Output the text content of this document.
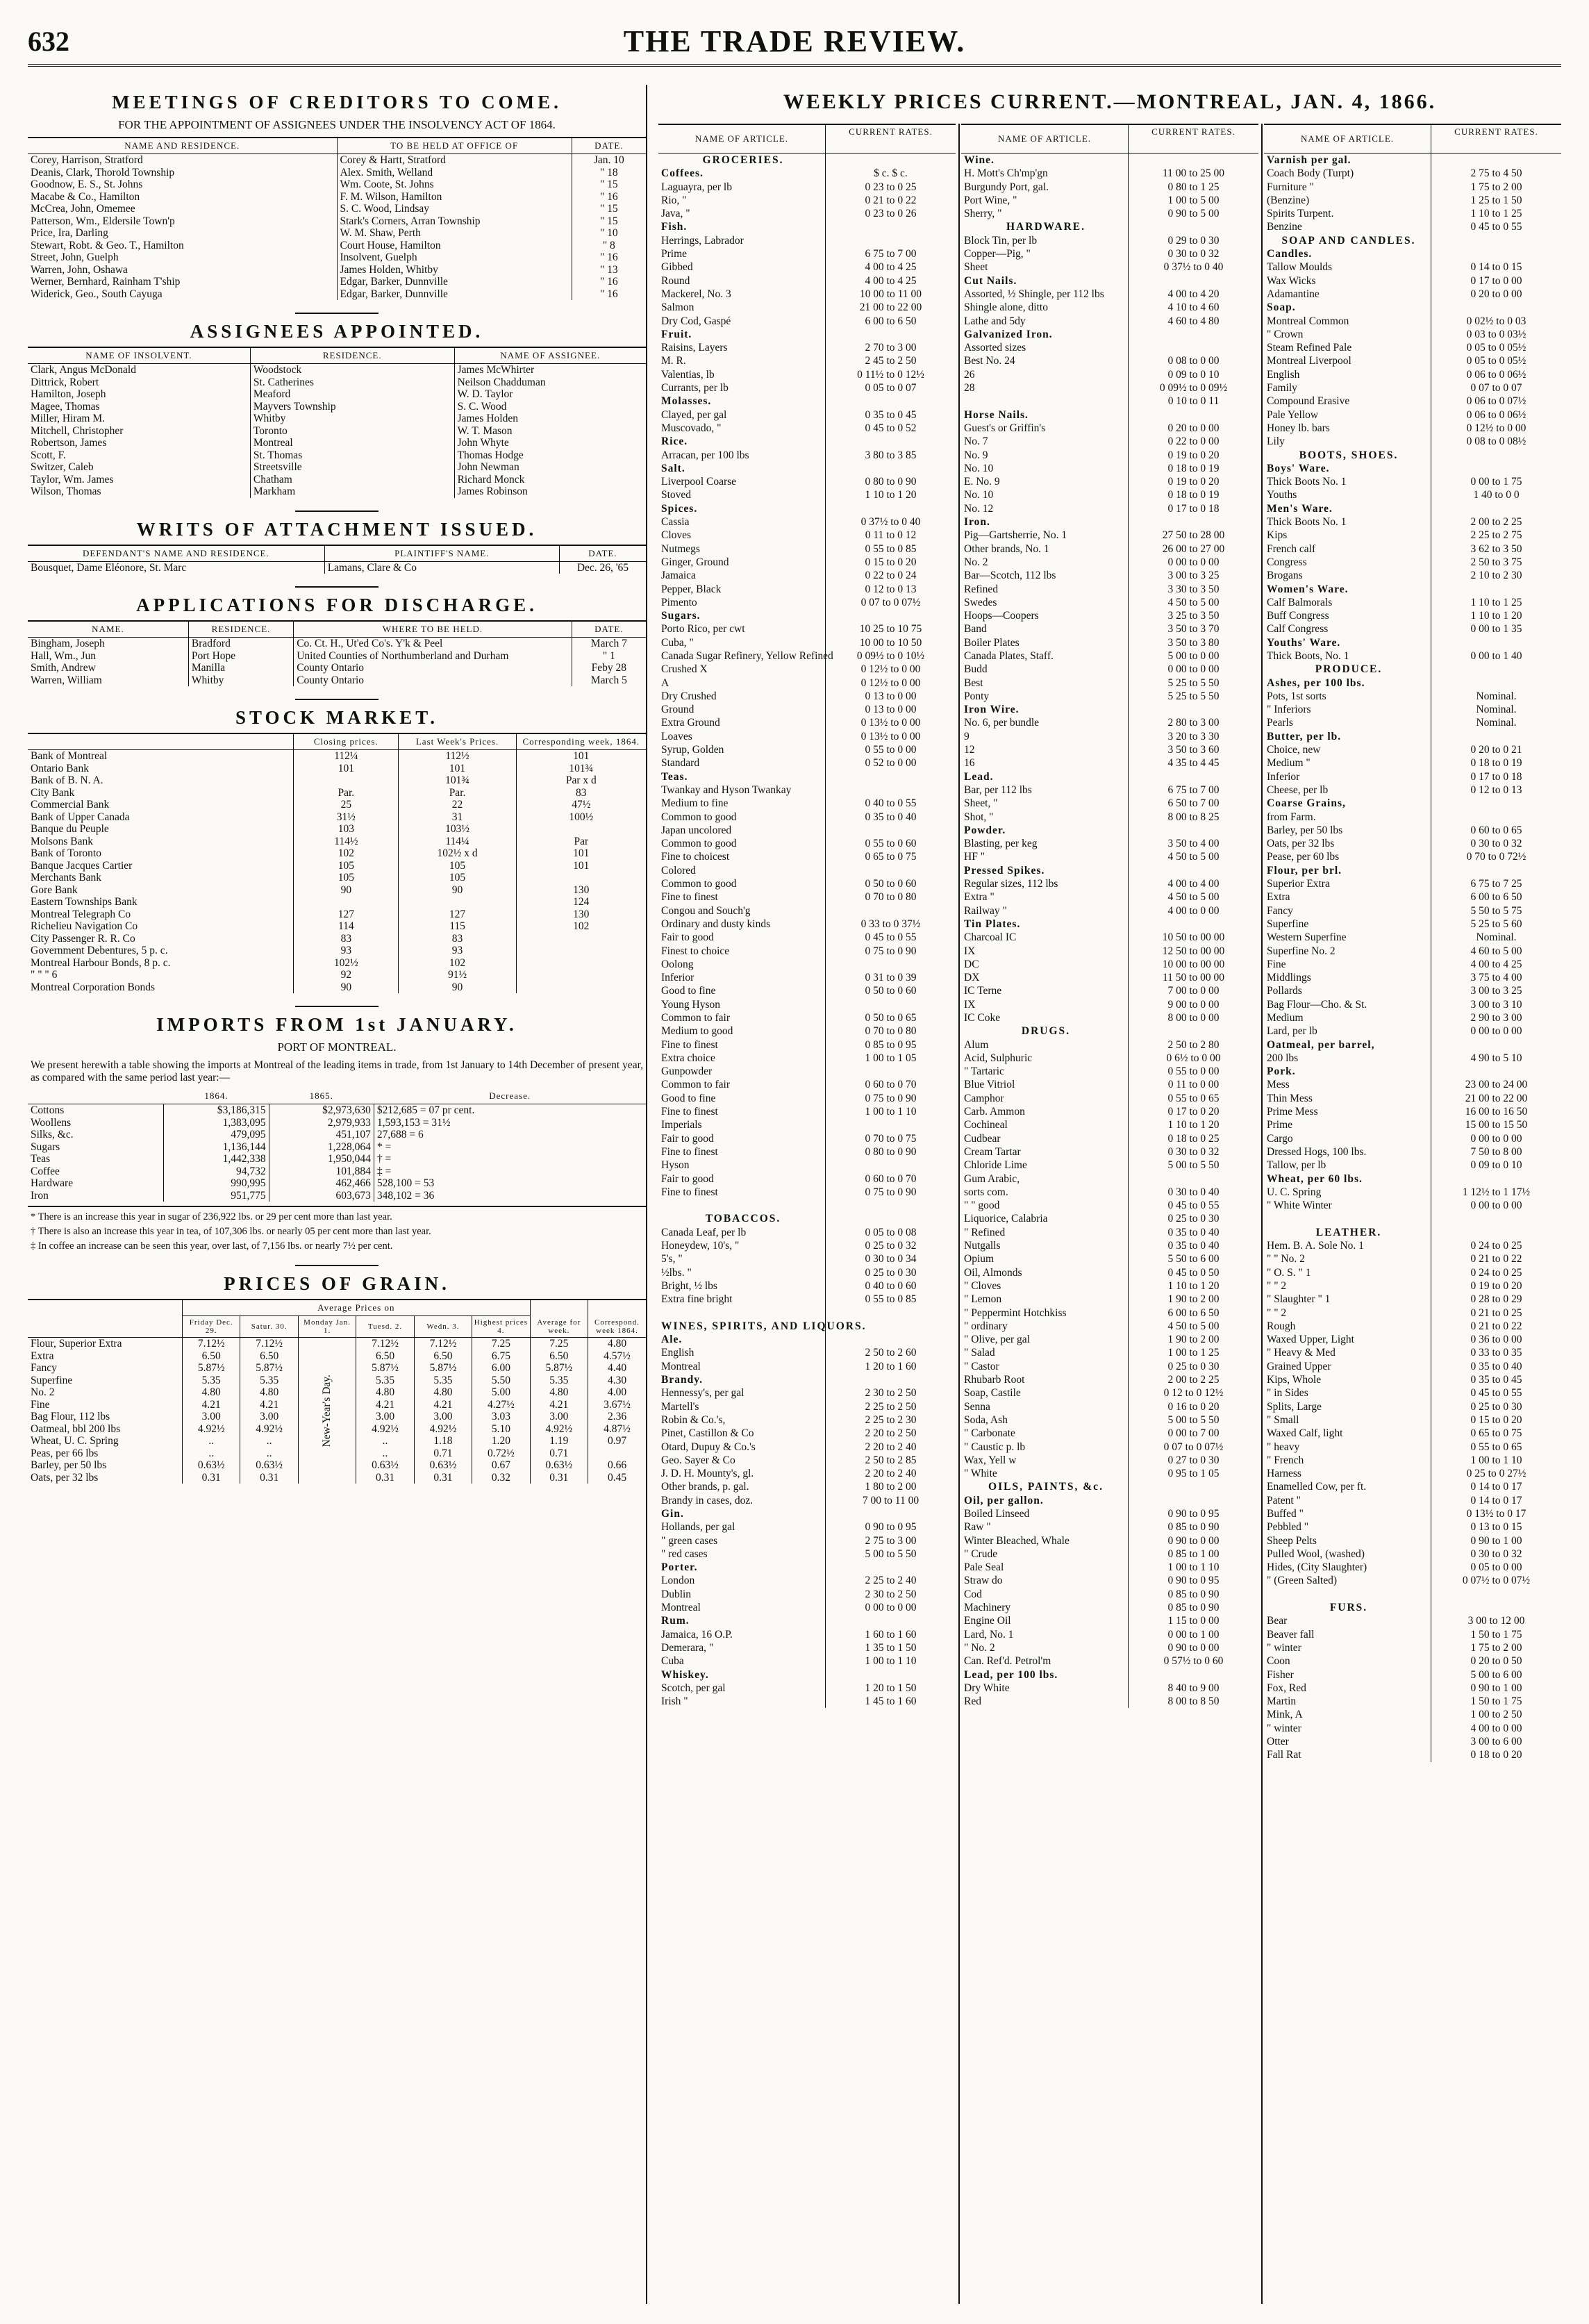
632	THE TRADE REVIEW.
MEETINGS OF CREDITORS TO COME.
FOR THE APPOINTMENT OF ASSIGNEES UNDER THE INSOLVENCY ACT OF 1864.
NAME AND RESIDENCE.	TO BE HELD AT OFFICE OF	DATE.
Corey, Harrison, Stratford	Corey & Hartt, Stratford	Jan. 10
Deanis, Clark, Thorold Township	Alex. Smith, Welland	" 18
Goodnow, E. S., St. Johns	Wm. Coote, St. Johns	" 15
Macabe & Co., Hamilton	F. M. Wilson, Hamilton	" 16
McCrea, John, Omemee	S. C. Wood, Lindsay	" 15
Patterson, Wm., Eldersile Town'p	Stark's Corners, Arran Township	" 15
Price, Ira, Darling	W. M. Shaw, Perth	" 10
Stewart, Robt. & Geo. T., Hamilton	Court House, Hamilton	" 8
Street, John, Guelph	Insolvent, Guelph	" 16
Warren, John, Oshawa	James Holden, Whitby	" 13
Werner, Bernhard, Rainham T'ship	Edgar, Barker, Dunnville	" 16
Widerick, Geo., South Cayuga	Edgar, Barker, Dunnville	" 16
ASSIGNEES APPOINTED.
NAME OF INSOLVENT.	RESIDENCE.	NAME OF ASSIGNEE.
Clark, Angus McDonald	Woodstock	James McWhirter
Dittrick, Robert	St. Catherines	Neilson Chadduman
Hamilton, Joseph	Meaford	W. D. Taylor
Magee, Thomas	Mayvers Township	S. C. Wood
Miller, Hiram M.	Whitby	James Holden
Mitchell, Christopher	Toronto	W. T. Mason
Robertson, James	Montreal	John Whyte
Scott, F.	St. Thomas	Thomas Hodge
Switzer, Caleb	Streetsville	John Newman
Taylor, Wm. James	Chatham	Richard Monck
Wilson, Thomas	Markham	James Robinson
WRITS OF ATTACHMENT ISSUED.
DEFENDANT'S NAME AND RESIDENCE.	PLAINTIFF'S NAME.	DATE.
Bousquet, Dame Eléonore, St. Marc	Lamans, Clare & Co	Dec. 26, '65
APPLICATIONS FOR DISCHARGE.
NAME.	RESIDENCE.	WHERE TO BE HELD.	DATE.
Bingham, Joseph	Bradford	Co. Ct. H., Ut'ed Co's. Y'k & Peel	March 7
Hall, Wm., Jun	Port Hope	United Counties of Northumberland and Durham	" 1
Smith, Andrew	Manilla	County Ontario	Feby 28
Warren, William	Whitby	County Ontario	March 5
STOCK MARKET.
	Closing prices.	Last Week's Prices.	Corresponding week, 1864.
Bank of Montreal	112¼	112½	101
Ontario Bank	101	101	101¾
Bank of B. N. A.		101¾	Par x d
City Bank	Par.	Par.	83
Commercial Bank	25	22	47½
Bank of Upper Canada	31½	31	100½
Banque du Peuple	103	103½	
Molsons Bank	114½	114¼	Par
Bank of Toronto	102	102½ x d	101
Banque Jacques Cartier	105	105	101
Merchants Bank	105	105	
Gore Bank	90	90	130
Eastern Townships Bank			124
Montreal Telegraph Co	127	127	130
Richelieu Navigation Co	114	115	102
City Passenger R. R. Co	83	83	
Government Debentures, 5 p. c.	93	93	
Montreal Harbour Bonds, 8 p. c.	102½	102	
" " " 6	92	91½	
Montreal Corporation Bonds	90	90	
IMPORTS FROM 1st JANUARY.
PORT OF MONTREAL.
We present herewith a table showing the imports at Montreal of the leading items in trade, from 1st January to 14th December of present year, as compared with the same period last year:—
	1864.	1865.	Decrease.
Cottons	$3,186,315	$2,973,630	$212,685 = 07 pr cent.
Woollens	1,383,095	2,979,933	1,593,153 = 31½
Silks, &c.	479,095	451,107	27,688 = 6
Sugars	1,136,144	1,228,064	* =
Teas	1,442,338	1,950,044	† =
Coffee	94,732	101,884	‡ =
Hardware	990,995	462,466	528,100 = 53
Iron	951,775	603,673	348,102 = 36
* There is an increase this year in sugar of 236,922 lbs. or 29 per cent more than last year.
† There is also an increase this year in tea, of 107,306 lbs. or nearly 05 per cent more than last year.
‡ In coffee an increase can be seen this year, over last, of 7,156 lbs. or nearly 7½ per cent.
PRICES OF GRAIN.
	Average Prices on							
	Friday Dec. 29.	Satur. 30.	Monday Jan. 1.	Tuesd. 2.	Wedn. 3.	Highest prices 4.	Average for week.	Correspond. week 1864.
Flour, Superior Extra	7.12½	7.12½	New-Year's Day.	7.12½	7.12½	7.25	7.25	4.80
Extra	6.50	6.50		6.50	6.50	6.75	6.50	4.57½
Fancy	5.87½	5.87½		5.87½	5.87½	6.00	5.87½	4.40
Superfine	5.35	5.35		5.35	5.35	5.50	5.35	4.30
No. 2	4.80	4.80		4.80	4.80	5.00	4.80	4.00
Fine	4.21	4.21		4.21	4.21	4.27½	4.21	3.67½
Bag Flour, 112 lbs	3.00	3.00		3.00	3.00	3.03	3.00	2.36
Oatmeal, bbl 200 lbs	4.92½	4.92½		4.92½	4.92½	5.10	4.92½	4.87½
Wheat, U. C. Spring	..	..		..	1.18	1.20	1.19	0.97
Peas, per 66 lbs	..	..		..	0.71	0.72½	0.71	
Barley, per 50 lbs	0.63½	0.63½		0.63½	0.63½	0.67	0.63½	0.66
Oats, per 32 lbs	0.31	0.31		0.31	0.31	0.32	0.31	0.45
WEEKLY PRICES CURRENT.—MONTREAL, JAN. 4, 1866.
NAME OF ARTICLE.
CURRENT RATES.
GROCERIES.
Coffees.	$ c. $ c.
Laguayra, per lb	0 23 to 0 25
Rio, "	0 21 to 0 22
Java, "	0 23 to 0 26
Fish.
Herrings, Labrador
Prime	6 75 to 7 00
Gibbed	4 00 to 4 25
Round	4 00 to 4 25
Mackerel, No. 3	10 00 to 11 00
Salmon	21 00 to 22 00
Dry Cod, Gaspé	6 00 to 6 50
Fruit.
Raisins, Layers	2 70 to 3 00
M. R.	2 45 to 2 50
Valentias, lb	0 11½ to 0 12½
Currants, per lb	0 05 to 0 07
Molasses.
Clayed, per gal	0 35 to 0 45
Muscovado, "	0 45 to 0 52
Rice.
Arracan, per 100 lbs	3 80 to 3 85
Salt.
Liverpool Coarse	0 80 to 0 90
Stoved	1 10 to 1 20
Spices.
Cassia	0 37½ to 0 40
Cloves	0 11 to 0 12
Nutmegs	0 55 to 0 85
Ginger, Ground	0 15 to 0 20
Jamaica	0 22 to 0 24
Pepper, Black	0 12 to 0 13
Pimento	0 07 to 0 07½
Sugars.
Porto Rico, per cwt	10 25 to 10 75
Cuba, "	10 00 to 10 50
Canada Sugar Refinery, Yellow Refined	0 09½ to 0 10½
Crushed X	0 12½ to 0 00
A	0 12½ to 0 00
Dry Crushed	0 13 to 0 00
Ground	0 13 to 0 00
Extra Ground	0 13½ to 0 00
Loaves	0 13½ to 0 00
Syrup, Golden	0 55 to 0 00
Standard	0 52 to 0 00
Teas.
Twankay and Hyson Twankay
Medium to fine	0 40 to 0 55
Common to good	0 35 to 0 40
Japan uncolored
Common to good	0 55 to 0 60
Fine to choicest	0 65 to 0 75
Colored
Common to good	0 50 to 0 60
Fine to finest	0 70 to 0 80
Congou and Souch'g
Ordinary and dusty kinds	0 33 to 0 37½
Fair to good	0 45 to 0 55
Finest to choice	0 75 to 0 90
Oolong
Inferior	0 31 to 0 39
Good to fine	0 50 to 0 60
Young Hyson
Common to fair	0 50 to 0 65
Medium to good	0 70 to 0 80
Fine to finest	0 85 to 0 95
Extra choice	1 00 to 1 05
Gunpowder
Common to fair	0 60 to 0 70
Good to fine	0 75 to 0 90
Fine to finest	1 00 to 1 10
Imperials
Fair to good	0 70 to 0 75
Fine to finest	0 80 to 0 90
Hyson
Fair to good	0 60 to 0 70
Fine to finest	0 75 to 0 90
TOBACCOS.
Canada Leaf, per lb	0 05 to 0 08
Honeydew, 10's, "	0 25 to 0 32
5's, "	0 30 to 0 34
½lbs. "	0 25 to 0 30
Bright, ½ lbs	0 40 to 0 60
Extra fine bright	0 55 to 0 85
WINES, SPIRITS, AND LIQUORS.
Ale.
English	2 50 to 2 60
Montreal	1 20 to 1 60
Brandy.
Hennessy's, per gal	2 30 to 2 50
Martell's	2 25 to 2 50
Robin & Co.'s,	2 25 to 2 30
Pinet, Castillon & Co	2 20 to 2 50
Otard, Dupuy & Co.'s	2 20 to 2 40
Geo. Sayer & Co	2 50 to 2 85
J. D. H. Mounty's, gl.	2 20 to 2 40
Other brands, p. gal.	1 80 to 2 00
Brandy in cases, doz.	7 00 to 11 00
Gin.
Hollands, per gal	0 90 to 0 95
" green cases	2 75 to 3 00
" red cases	5 00 to 5 50
Porter.
London	2 25 to 2 40
Dublin	2 30 to 2 50
Montreal	0 00 to 0 00
Rum.
Jamaica, 16 O.P.	1 60 to 1 60
Demerara, "	1 35 to 1 50
Cuba	1 00 to 1 10
Whiskey.
Scotch, per gal	1 20 to 1 50
Irish "	1 45 to 1 60
NAME OF ARTICLE.
CURRENT RATES.
Wine.
H. Mott's Ch'mp'gn	11 00 to 25 00
Burgundy Port, gal.	0 80 to 1 25
Port Wine, "	1 00 to 5 00
Sherry, "	0 90 to 5 00
HARDWARE.
Block Tin, per lb	0 29 to 0 30
Copper—Pig, "	0 30 to 0 32
Sheet	0 37½ to 0 40
Cut Nails.
Assorted, ½ Shingle, per 112 lbs	4 00 to 4 20
Shingle alone, ditto	4 10 to 4 60
Lathe and 5dy	4 60 to 4 80
Galvanized Iron.
Assorted sizes
Best No. 24	0 08 to 0 00
26	0 09 to 0 10
28	0 09½ to 0 09½
0 10 to 0 11
Horse Nails.
Guest's or Griffin's	0 20 to 0 00
No. 7	0 22 to 0 00
No. 9	0 19 to 0 20
No. 10	0 18 to 0 19
E. No. 9	0 19 to 0 20
No. 10	0 18 to 0 19
No. 12	0 17 to 0 18
Iron.
Pig—Gartsherrie, No. 1	27 50 to 28 00
Other brands, No. 1	26 00 to 27 00
No. 2	0 00 to 0 00
Bar—Scotch, 112 lbs	3 00 to 3 25
Refined	3 30 to 3 50
Swedes	4 50 to 5 00
Hoops—Coopers	3 25 to 3 50
Band	3 50 to 3 70
Boiler Plates	3 50 to 3 80
Canada Plates, Staff.	5 00 to 0 00
Budd	0 00 to 0 00
Best	5 25 to 5 50
Ponty	5 25 to 5 50
Iron Wire.
No. 6, per bundle	2 80 to 3 00
9	3 20 to 3 30
12	3 50 to 3 60
16	4 35 to 4 45
Lead.
Bar, per 112 lbs	6 75 to 7 00
Sheet, "	6 50 to 7 00
Shot, "	8 00 to 8 25
Powder.
Blasting, per keg	3 50 to 4 00
HF "	4 50 to 5 00
Pressed Spikes.
Regular sizes, 112 lbs	4 00 to 4 00
Extra "	4 50 to 5 00
Railway "	4 00 to 0 00
Tin Plates.
Charcoal IC	10 50 to 00 00
IX	12 50 to 00 00
DC	10 00 to 00 00
DX	11 50 to 00 00
IC Terne	7 00 to 0 00
IX	9 00 to 0 00
IC Coke	8 00 to 0 00
DRUGS.
Alum	2 50 to 2 80
Acid, Sulphuric	0 6½ to 0 00
" Tartaric	0 55 to 0 00
Blue Vitriol	0 11 to 0 00
Camphor	0 55 to 0 65
Carb. Ammon	0 17 to 0 20
Cochineal	1 10 to 1 20
Cudbear	0 18 to 0 25
Cream Tartar	0 30 to 0 32
Chloride Lime	5 00 to 5 50
Gum Arabic,
sorts com.	0 30 to 0 40
" " good	0 45 to 0 55
Liquorice, Calabria	0 25 to 0 30
" Refined	0 35 to 0 40
Nutgalls	0 35 to 0 40
Opium	5 50 to 6 00
Oil, Almonds	0 45 to 0 50
" Cloves	1 10 to 1 20
" Lemon	1 90 to 2 00
" Peppermint Hotchkiss	6 00 to 6 50
" ordinary	4 50 to 5 00
" Olive, per gal	1 90 to 2 00
" Salad	1 00 to 1 25
" Castor	0 25 to 0 30
Rhubarb Root	2 00 to 2 25
Soap, Castile	0 12 to 0 12½
Senna	0 16 to 0 20
Soda, Ash	5 00 to 5 50
" Carbonate	0 00 to 7 00
" Caustic p. lb	0 07 to 0 07½
Wax, Yell w	0 27 to 0 30
" White	0 95 to 1 05
OILS, PAINTS, &c.
Oil, per gallon.
Boiled Linseed	0 90 to 0 95
Raw "	0 85 to 0 90
Winter Bleached, Whale	0 90 to 0 00
" Crude	0 85 to 1 00
Pale Seal	1 00 to 1 10
Straw do	0 90 to 0 95
Cod	0 85 to 0 90
Machinery	0 85 to 0 90
Engine Oil	1 15 to 0 00
Lard, No. 1	0 00 to 1 00
" No. 2	0 90 to 0 00
Can. Ref'd. Petrol'm	0 57½ to 0 60
Lead, per 100 lbs.
Dry White	8 40 to 9 00
Red	8 00 to 8 50
NAME OF ARTICLE.
CURRENT RATES.
Varnish per gal.
Coach Body (Turpt)	2 75 to 4 50
Furniture "	1 75 to 2 00
(Benzine)	1 25 to 1 50
Spirits Turpent.	1 10 to 1 25
Benzine	0 45 to 0 55
SOAP AND CANDLES.
Candles.
Tallow Moulds	0 14 to 0 15
Wax Wicks	0 17 to 0 00
Adamantine	0 20 to 0 00
Soap.
Montreal Common	0 02½ to 0 03
" Crown	0 03 to 0 03½
Steam Refined Pale	0 05 to 0 05½
Montreal Liverpool	0 05 to 0 05½
English	0 06 to 0 06½
Family	0 07 to 0 07
Compound Erasive	0 06 to 0 07½
Pale Yellow	0 06 to 0 06½
Honey lb. bars	0 12½ to 0 00
Lily	0 08 to 0 08½
BOOTS, SHOES.
Boys' Ware.
Thick Boots No. 1	0 00 to 1 75
Youths	1 40 to 0 0
Men's Ware.
Thick Boots No. 1	2 00 to 2 25
Kips	2 25 to 2 75
French calf	3 62 to 3 50
Congress	2 50 to 3 75
Brogans	2 10 to 2 30
Women's Ware.
Calf Balmorals	1 10 to 1 25
Buff Congress	1 10 to 1 20
Calf Congress	0 00 to 1 35
Youths' Ware.
Thick Boots, No. 1	0 00 to 1 40
PRODUCE.
Ashes, per 100 lbs.
Pots, 1st sorts	Nominal.
" Inferiors	Nominal.
Pearls	Nominal.
Butter, per lb.
Choice, new	0 20 to 0 21
Medium "	0 18 to 0 19
Inferior	0 17 to 0 18
Cheese, per lb	0 12 to 0 13
Coarse Grains,
from Farm.
Barley, per 50 lbs	0 60 to 0 65
Oats, per 32 lbs	0 30 to 0 32
Pease, per 60 lbs	0 70 to 0 72½
Flour, per brl.
Superior Extra	6 75 to 7 25
Extra	6 00 to 6 50
Fancy	5 50 to 5 75
Superfine	5 25 to 5 60
Western Superfine	Nominal.
Superfine No. 2	4 60 to 5 00
Fine	4 00 to 4 25
Middlings	3 75 to 4 00
Pollards	3 00 to 3 25
Bag Flour—Cho. & St.	3 00 to 3 10
Medium	2 90 to 3 00
Lard, per lb	0 00 to 0 00
Oatmeal, per barrel,
200 lbs	4 90 to 5 10
Pork.
Mess	23 00 to 24 00
Thin Mess	21 00 to 22 00
Prime Mess	16 00 to 16 50
Prime	15 00 to 15 50
Cargo	0 00 to 0 00
Dressed Hogs, 100 lbs.	7 50 to 8 00
Tallow, per lb	0 09 to 0 10
Wheat, per 60 lbs.
U. C. Spring	1 12½ to 1 17½
" White Winter	0 00 to 0 00
LEATHER.
Hem. B. A. Sole No. 1	0 24 to 0 25
" " No. 2	0 21 to 0 22
" O. S. " 1	0 24 to 0 25
" " 2	0 19 to 0 20
" Slaughter " 1	0 28 to 0 29
" " 2	0 21 to 0 25
Rough	0 21 to 0 22
Waxed Upper, Light	0 36 to 0 00
" Heavy & Med	0 33 to 0 35
Grained Upper	0 35 to 0 40
Kips, Whole	0 35 to 0 45
" in Sides	0 45 to 0 55
Splits, Large	0 25 to 0 30
" Small	0 15 to 0 20
Waxed Calf, light	0 65 to 0 75
" heavy	0 55 to 0 65
" French	1 00 to 1 10
Harness	0 25 to 0 27½
Enamelled Cow, per ft.	0 14 to 0 17
Patent "	0 14 to 0 17
Buffed "	0 13½ to 0 17
Pebbled "	0 13 to 0 15
Sheep Pelts	0 90 to 1 00
Pulled Wool, (washed)	0 30 to 0 32
Hides, (City Slaughter)	0 05 to 0 00
" (Green Salted)	0 07½ to 0 07½
FURS.
Bear	3 00 to 12 00
Beaver fall	1 50 to 1 75
" winter	1 75 to 2 00
Coon	0 20 to 0 50
Fisher	5 00 to 6 00
Fox, Red	0 90 to 1 00
Martin	1 50 to 1 75
Mink, A	1 00 to 2 50
" winter	4 00 to 0 00
Otter	3 00 to 6 00
Fall Rat	0 18 to 0 20
